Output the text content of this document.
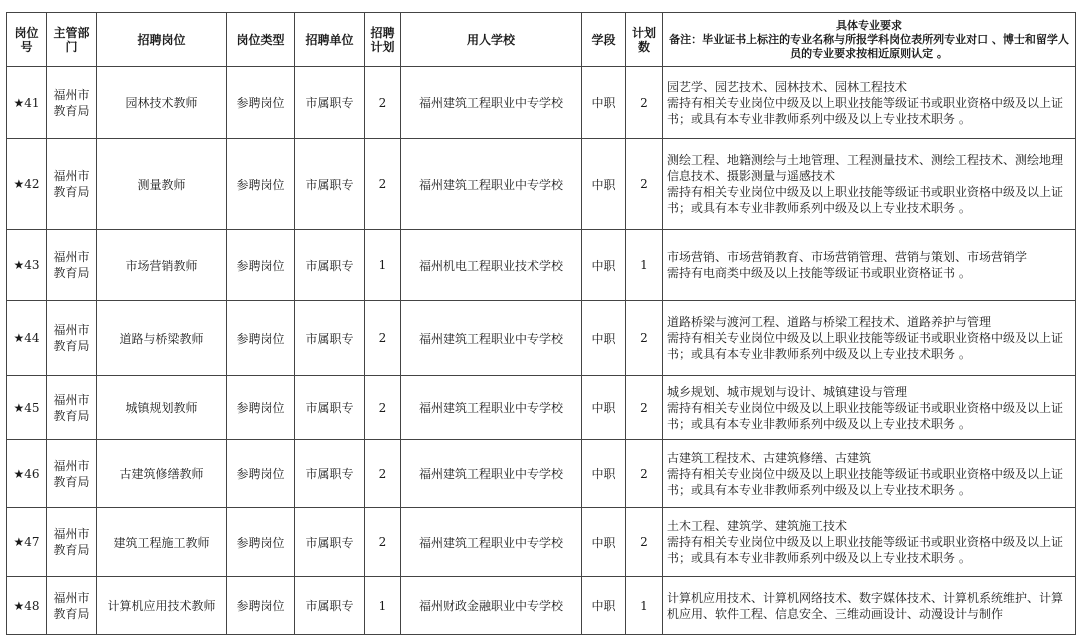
岗位号	主管部门	招聘岗位	岗位类型	招聘单位	招聘计划	用人学校	学段	计划数	具体专业要求
备注：毕业证书上标注的专业名称与所报学科岗位表所列专业对口 、博士和留学人员的专业要求按相近原则认定 。

★41	福州市教育局	园林技术教师	参聘岗位	市属职专	2	福州建筑工程职业中专学校	中职	2	园艺学、园艺技术、园林技术、园林工程技术
需持有相关专业岗位中级及以上职业技能等级证书或职业资格中级及以上证书；或具有本专业非教师系列中级及以上专业技术职务 。

★42	福州市教育局	测量教师	参聘岗位	市属职专	2	福州建筑工程职业中专学校	中职	2	测绘工程、地籍测绘与土地管理、工程测量技术、测绘工程技术、测绘地理信息技术、摄影测量与遥感技术
需持有相关专业岗位中级及以上职业技能等级证书或职业资格中级及以上证书；或具有本专业非教师系列中级及以上专业技术职务 。

★43	福州市教育局	市场营销教师	参聘岗位	市属职专	1	福州机电工程职业技术学校	中职	1	市场营销、市场营销教育、市场营销管理、营销与策划、市场营销学
需持有电商类中级及以上技能等级证书或职业资格证书 。

★44	福州市教育局	道路与桥梁教师	参聘岗位	市属职专	2	福州建筑工程职业中专学校	中职	2	道路桥梁与渡河工程、道路与桥梁工程技术、道路养护与管理
需持有相关专业岗位中级及以上职业技能等级证书或职业资格中级及以上证书；或具有本专业非教师系列中级及以上专业技术职务 。

★45	福州市教育局	城镇规划教师	参聘岗位	市属职专	2	福州建筑工程职业中专学校	中职	2	城乡规划、城市规划与设计、城镇建设与管理
需持有相关专业岗位中级及以上职业技能等级证书或职业资格中级及以上证书；或具有本专业非教师系列中级及以上专业技术职务 。

★46	福州市教育局	古建筑修缮教师	参聘岗位	市属职专	2	福州建筑工程职业中专学校	中职	2	古建筑工程技术、古建筑修缮、古建筑
需持有相关专业岗位中级及以上职业技能等级证书或职业资格中级及以上证书；或具有本专业非教师系列中级及以上专业技术职务 。

★47	福州市教育局	建筑工程施工教师	参聘岗位	市属职专	2	福州建筑工程职业中专学校	中职	2	土木工程、建筑学、建筑施工技术
需持有相关专业岗位中级及以上职业技能等级证书或职业资格中级及以上证书；或具有本专业非教师系列中级及以上专业技术职务 。

★48	福州市教育局	计算机应用技术教师	参聘岗位	市属职专	1	福州财政金融职业中专学校	中职	1	计算机应用技术、计算机网络技术、数字媒体技术、计算机系统维护、计算机应用、软件工程、信息安全、三维动画设计、动漫设计与制作
